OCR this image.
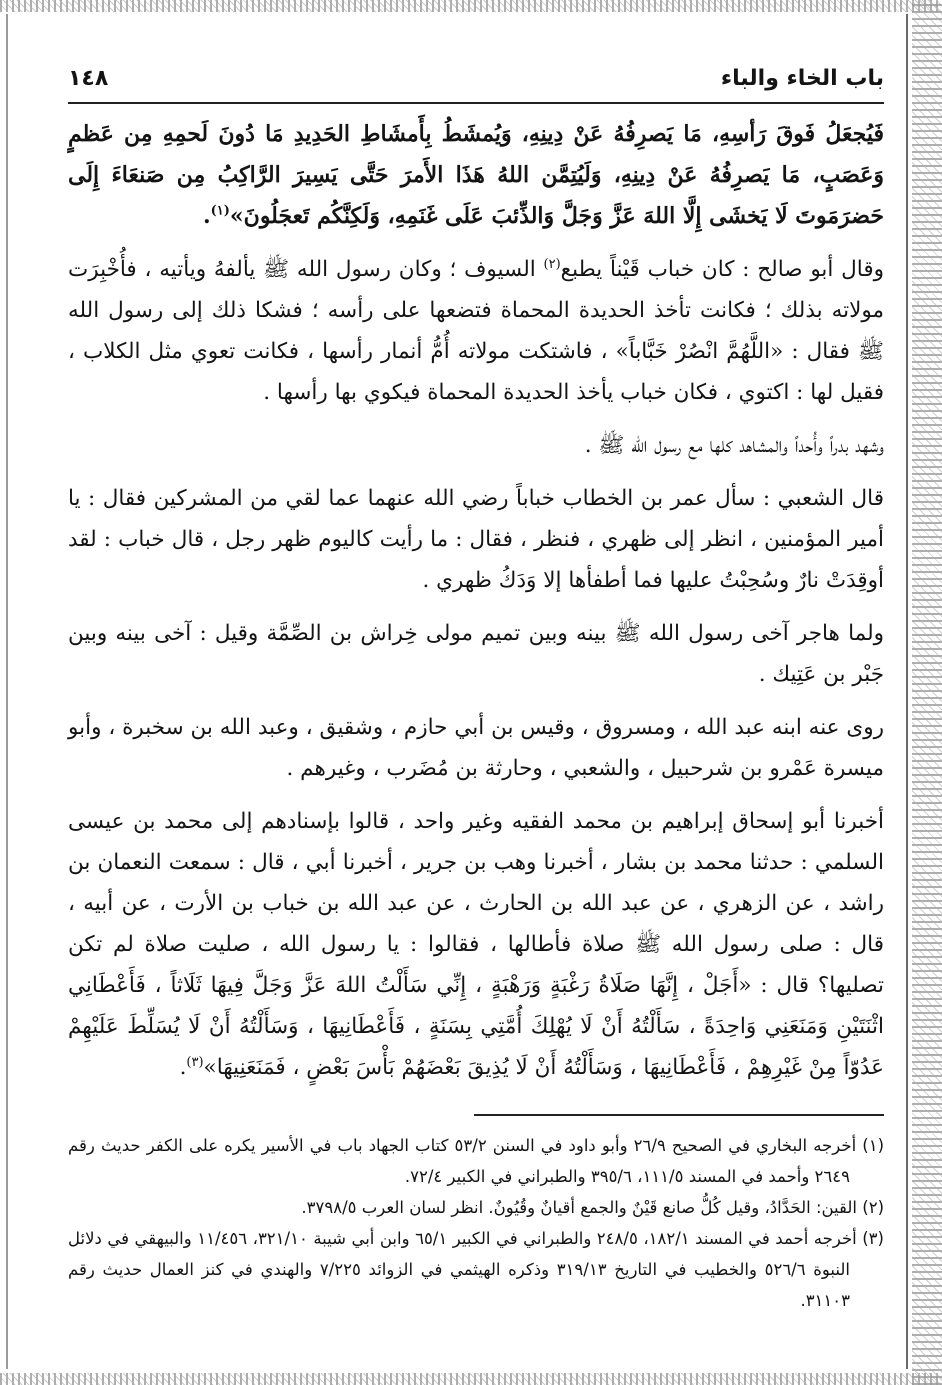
باب الخاء والباء
١٤٨

فَيُجعَلُ فَوقَ رَأسِهِ، مَا يَصرِفُهُ عَنْ دِينِهِ، وَيُمشَطُ بِأَمشَاطِ الحَدِيدِ مَا دُونَ لَحمِهِ مِن عَظمٍ وَعَصَبٍ، مَا يَصرِفُهُ عَنْ دِينِهِ، وَلَيُتِمَّن اللهُ هَذَا الأَمرَ حَتَّى يَسِيرَ الرَّاكِبُ مِن صَنعَاءَ إِلَى حَضرَمَوتَ لَا يَخشَى إِلَّا اللهَ عَزَّ وَجَلَّ وَالذِّئبَ عَلَى غَنَمِهِ، وَلَكِنَّكُم تَعجَلُونَ»$^{(١)}$.

وقال أبو صالح : كان خباب قَيْناً يطبع$^{(٢)}$ السيوف ؛ وكان رسول الله ﷺ يألفهُ ويأتيه ، فأُخْبِرَت مولاته بذلك ؛ فكانت تأخذ الحديدة المحماة فتضعها على رأسه ؛ فشكا ذلك إلى رسول الله ﷺ فقال : «اللَّهُمَّ انْصُرْ خَبَّاباً» ، فاشتكت مولاته أُمُّ أنمار رأسها ، فكانت تعوي مثل الكلاب ، فقيل لها : اكتوي ، فكان خباب يأخذ الحديدة المحماة فيكوي بها رأسها .

وشهد بدراً وأُحداً والمشاهد كلها مع رسول الله ﷺ .

قال الشعبي : سأل عمر بن الخطاب خباباً رضي الله عنهما عما لقي من المشركين فقال : يا أمير المؤمنين ، انظر إلى ظهري ، فنظر ، فقال : ما رأيت كاليوم ظهر رجل ، قال خباب : لقد أوقِدَتْ نارٌ وسُحِبْتُ عليها فما أطفأها إلا وَدَكُ ظهري .

ولما هاجر آخى رسول الله ﷺ بينه وبين تميم مولى خِراش بن الصِّمَّة وقيل : آخى بينه وبين جَبْر بن عَتِيك .

روى عنه ابنه عبد الله ، ومسروق ، وقيس بن أبي حازم ، وشقيق ، وعبد الله بن سخبرة ، وأبو ميسرة عَمْرو بن شرحبيل ، والشعبي ، وحارثة بن مُضَرب ، وغيرهم .

أخبرنا أبو إسحاق إبراهيم بن محمد الفقيه وغير واحد ، قالوا بإسنادهم إلى محمد بن عيسى السلمي : حدثنا محمد بن بشار ، أخبرنا وهب بن جرير ، أخبرنا أبي ، قال : سمعت النعمان بن راشد ، عن الزهري ، عن عبد الله بن الحارث ، عن عبد الله بن خباب بن الأرت ، عن أبيه ، قال : صلى رسول الله ﷺ صلاة فأطالها ، فقالوا : يا رسول الله ، صليت صلاة لم تكن تصليها؟ قال : «أَجَلْ ، إِنَّهَا صَلَاةُ رَغْبَةٍ وَرَهْبَةٍ ، إِنِّي سَأَلْتُ اللهَ عَزَّ وَجَلَّ فِيهَا ثَلَاثاً ، فَأَعْطَانِي اثْنَتَيْنِ وَمَنَعَنِي وَاحِدَةً ، سَأَلْتُهُ أَنْ لَا يُهْلِكَ أُمَّتِي بِسَنَةٍ ، فَأَعْطَانِيهَا ، وَسَأَلْتُهُ أَنْ لَا يُسَلِّطَ عَلَيْهِمْ عَدُوّاً مِنْ غَيْرِهِمْ ، فَأَعْطَانِيهَا ، وَسَأَلْتُهُ أَنْ لَا يُذِيقَ بَعْضَهُمْ بَأْسَ بَعْضٍ ، فَمَنَعَنِيهَا»$^{(٣)}$.

(١) أخرجه البخاري في الصحيح ٢٦/٩ وأبو داود في السنن ٥٣/٢ كتاب الجهاد باب في الأسير يكره على الكفر حديث رقم ٢٦٤٩ وأحمد في المسند ١١١/٥، ٣٩٥/٦ والطبراني في الكبير ٧٢/٤.

(٢) القين: الحَدَّادُ، وقيل كُلُّ صانع قَيْنٌ والجمع أقيانٌ وقُيُونٌ. انظر لسان العرب ٣٧٩٨/٥.

(٣) أخرجه أحمد في المسند ١٨٢/١، ٢٤٨/٥ والطبراني في الكبير ٦٥/١ وابن أبي شيبة ٣٢١/١٠، ١١/٤٥٦ والبيهقي في دلائل النبوة ٥٢٦/٦ والخطيب في التاريخ ٣١٩/١٣ وذكره الهيثمي في الزوائد ٧/٢٢٥ والهندي في كنز العمال حديث رقم ٣١١٠٣.
